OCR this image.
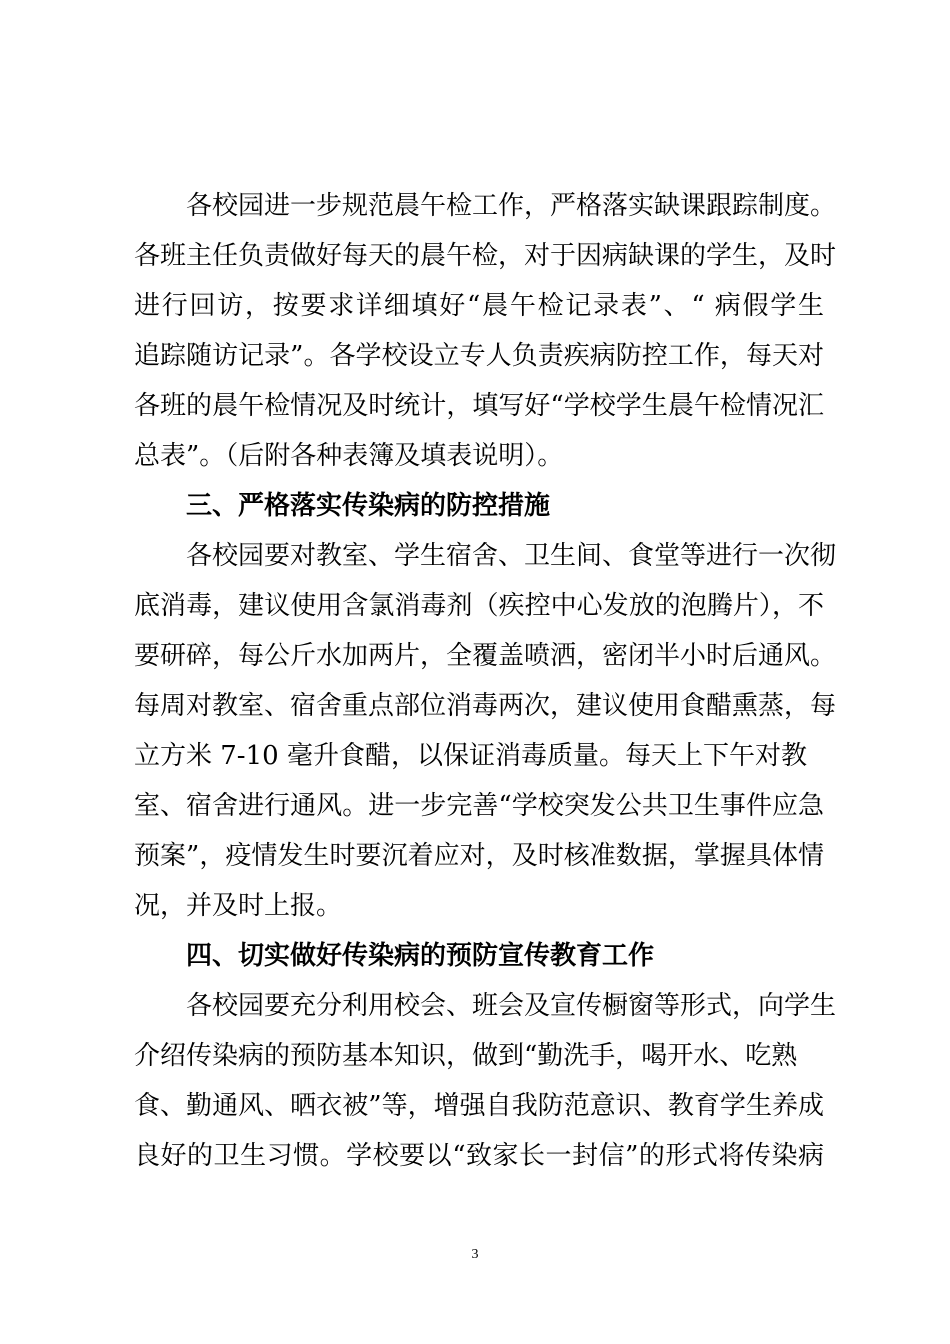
各校园进一步规范晨午检工作，严格落实缺课跟踪制度。
各班主任负责做好每天的晨午检，对于因病缺课的学生，及时
进行回访，按要求详细填好“晨午检记录表”、“ 病假学生
追踪随访记录”。各学校设立专人负责疾病防控工作，每天对
各班的晨午检情况及时统计，填写好“学校学生晨午检情况汇
总表”。（后附各种表簿及填表说明）。
三、严格落实传染病的防控措施
各校园要对教室、学生宿舍、卫生间、食堂等进行一次彻
底消毒，建议使用含氯消毒剂（疾控中心发放的泡腾片），不
要研碎，每公斤水加两片，全覆盖喷洒，密闭半小时后通风。
每周对教室、宿舍重点部位消毒两次，建议使用食醋熏蒸，每
立方米 7-10 毫升食醋，以保证消毒质量。每天上下午对教
室、宿舍进行通风。进一步完善“学校突发公共卫生事件应急
预案”，疫情发生时要沉着应对，及时核准数据，掌握具体情
况，并及时上报。
四、切实做好传染病的预防宣传教育工作
各校园要充分利用校会、班会及宣传橱窗等形式，向学生
介绍传染病的预防基本知识，做到“勤洗手，喝开水、吃熟
食、勤通风、晒衣被”等，增强自我防范意识、教育学生养成
良好的卫生习惯。学校要以“致家长一封信”的形式将传染病
3
